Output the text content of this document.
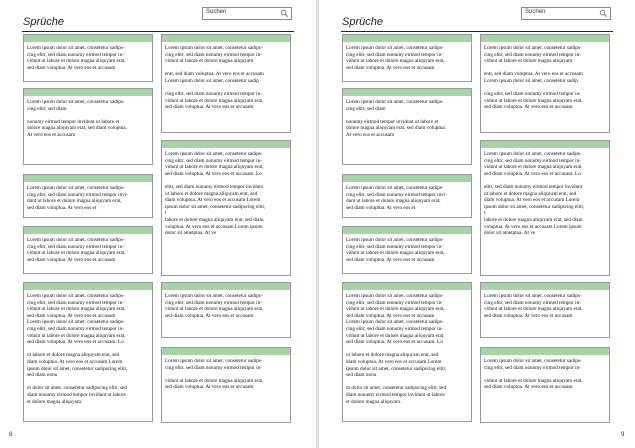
Sprüche
Suchen
Lorem ipsum dolor sit amet, consetetur sadips-
cing elitr, sed diam nonumy eirmod tempor in-
vidunt ut labore et dolore magna aliquyam erat,
sed diam voluptua. At vero eos et accusam
Lorem ipsum dolor sit amet, consetetur sadips-
cing elitr, sed diam

nonumy eirmod tempor invidunt ut labore et
dolore magna aliquyam erat, sed diam voluptua.
At vero eos et accusam
Lorem ipsum dolor sit amet, consetetur sadips-
cing elitr, sed diam nonumy eirmod tempor invi-
dunt ut labore et dolore magna aliquyam erat,
sed diam voluptua. At vero eos et
Lorem ipsum dolor sit amet, consetetur sadips-
cing elitr, sed diam nonumy eirmod tempor in-
vidunt ut labore et dolore magna aliquyam erat,
sed diam voluptua. At vero eos et accusam
Lorem ipsum dolor sit amet, consetetur sadips-
cing elitr, sed diam nonumy eirmod tempor in-
vidunt ut labore et dolore magna aliquyam erat,
sed diam voluptua. At vero eos et accusam
Lorem ipsum dolor sit amet, consetetur sadips-
cing elitr, sed diam nonumy eirmod tempor in-
vidunt ut labore et dolore magna aliquyam erat,
sed diam voluptua. At vero eos et accusam. Lo

ut labore et dolore magna aliquyam erat, sed
diam voluptua. At vero eos et accusam Lorem
ipsum dolor sit amet, consetetur sadipscing elitr,
sed diam nonu

m dolor sit amet, consetetur sadipscing elitr, sed
diam nonumy eirmod tempor invidunt ut labore
et dolore magna aliquyam.
Lorem ipsum dolor sit amet, consetetur sadips-
cing elitr, sed diam nonumy eirmod tempor in-
vidunt ut labore et dolore magna aliquyam

erat, sed diam voluptua. At vero eos et accusam
Lorem ipsum dolor sit amet, consetetur sadip

cing elitr, sed diam nonumy eirmod tempor in-
vidunt ut labore et dolore magna aliquyam erat,
sed diam voluptua. At vero eos et accusam
Lorem ipsum dolor sit amet, consetetur sadips-
cing elitr, sed diam nonumy eirmod tempor in-
vidunt ut labore et dolore magna aliquyam erat,
sed diam voluptua. At vero eos et accusam. Lo

elitr, sed diam nonumy eirmod tempor invidunt
ut labore et dolore magna aliquyam erat, sed
diam voluptua. At vero eos et accusam Lorem
ipsum dolor sit amet, consetetur sadipscing elitr,
t
labore et dolore magna aliquyam erat, sed diam
voluptua. At vero eos et accusam Lorem ipsum
dolor sit ametptua. At ve
Lorem ipsum dolor sit amet, consetetur sadips-
cing elitr, sed diam nonumy eirmod tempor in-
vidunt ut labore et dolore magna aliquyam erat,
sed diam voluptua. At vero eos et accusam
Lorem ipsum dolor sit amet, consetetur sadips-
cing elitr, sed diam nonumy eirmod tempor in-

vidunt ut labore et dolore magna aliquyam erat,
sed diam voluptua. At vero eos et accusam
8
Sprüche
Suchen
Lorem ipsum dolor sit amet, consetetur sadips-
cing elitr, sed diam nonumy eirmod tempor in-
vidunt ut labore et dolore magna aliquyam erat,
sed diam voluptua. At vero eos et accusam
Lorem ipsum dolor sit amet, consetetur sadips-
cing elitr, sed diam

nonumy eirmod tempor invidunt ut labore et
dolore magna aliquyam erat, sed diam voluptua.
At vero eos et accusam
Lorem ipsum dolor sit amet, consetetur sadips-
cing elitr, sed diam nonumy eirmod tempor invi-
dunt ut labore et dolore magna aliquyam erat,
sed diam voluptua. At vero eos et
Lorem ipsum dolor sit amet, consetetur sadips-
cing elitr, sed diam nonumy eirmod tempor in-
vidunt ut labore et dolore magna aliquyam erat,
sed diam voluptua. At vero eos et accusam
Lorem ipsum dolor sit amet, consetetur sadips-
cing elitr, sed diam nonumy eirmod tempor in-
vidunt ut labore et dolore magna aliquyam erat,
sed diam voluptua. At vero eos et accusam
Lorem ipsum dolor sit amet, consetetur sadips-
cing elitr, sed diam nonumy eirmod tempor in-
vidunt ut labore et dolore magna aliquyam erat,
sed diam voluptua. At vero eos et accusam. Lo

ut labore et dolore magna aliquyam erat, sed
diam voluptua. At vero eos et accusam Lorem
ipsum dolor sit amet, consetetur sadipscing elitr,
sed diam nonu

m dolor sit amet, consetetur sadipscing elitr, sed
diam nonumy eirmod tempor invidunt ut labore
et dolore magna aliquyam.
Lorem ipsum dolor sit amet, consetetur sadips-
cing elitr, sed diam nonumy eirmod tempor in-
vidunt ut labore et dolore magna aliquyam

erat, sed diam voluptua. At vero eos et accusam
Lorem ipsum dolor sit amet, consetetur sadip

cing elitr, sed diam nonumy eirmod tempor in-
vidunt ut labore et dolore magna aliquyam erat,
sed diam voluptua. At vero eos et accusam
Lorem ipsum dolor sit amet, consetetur sadips-
cing elitr, sed diam nonumy eirmod tempor in-
vidunt ut labore et dolore magna aliquyam erat,
sed diam voluptua. At vero eos et accusam. Lo

elitr, sed diam nonumy eirmod tempor invidunt
ut labore et dolore magna aliquyam erat, sed
diam voluptua. At vero eos et accusam Lorem
ipsum dolor sit amet, consetetur sadipscing elitr,
t
labore et dolore magna aliquyam erat, sed diam
voluptua. At vero eos et accusam Lorem ipsum
dolor sit ametptua. At ve
Lorem ipsum dolor sit amet, consetetur sadips-
cing elitr, sed diam nonumy eirmod tempor in-
vidunt ut labore et dolore magna aliquyam erat,
sed diam voluptua. At vero eos et accusam
Lorem ipsum dolor sit amet, consetetur sadips-
cing elitr, sed diam nonumy eirmod tempor in-

vidunt ut labore et dolore magna aliquyam erat,
sed diam voluptua. At vero eos et accusam
9
